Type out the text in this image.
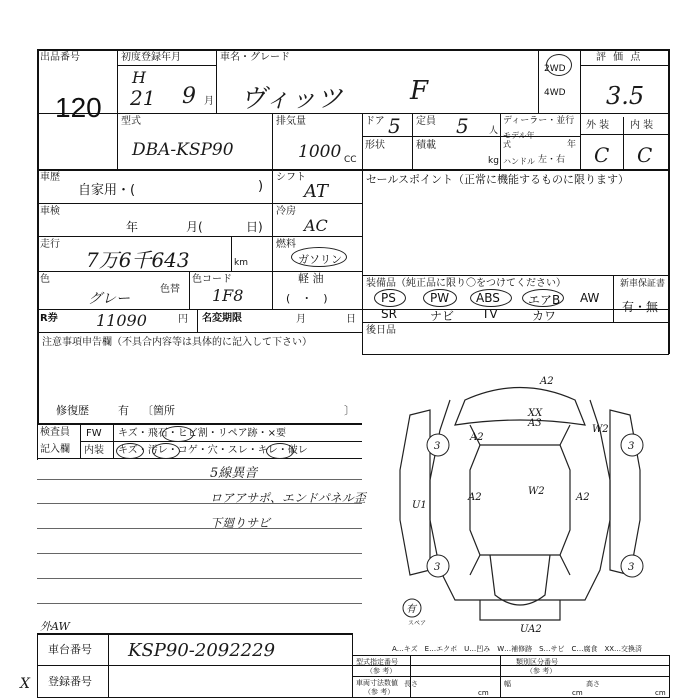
出品番号
120
初度登録年月
H
21 9 月
車名・グレード
ヴィッツ	F
2WD
4WD
評 価 点
3.5
型式
DBA-KSP90
排気量
1000 CC
ドア 5 定員 5 人
形状	積載
kg
ディーラー・並行
モデル年式	年
ハンドル 左・右
外 装 内 装
C C
車歴
自家用・(	)
シフト
AT
車検
年	月(	日)
冷房
AC
走行
7万6千643	km
燃料
ガソリン
軽 油
(　・　)
色
グレー
色替
色コード
1F8
セールスポイント（正常に機能するものに限ります）
装備品（純正品に限り〇をつけてください）	新車保証書
有・無
PS	PW ABS エアB AW
SR	ナビ TV	カワ
R券 11090	円 名変期限	月	日
後日品
注意事項申告欄（不具合内容等は具体的に記入して下さい）
修復歴	有 〔箇所	〕
検査員
記入欄
FW キズ・飛石・ヒビ割・リペア跡・×要
内装 キズ・汚レ・コゲ・穴・スレ・キレ・破レ
5線異音
ロアアサポ、エンドパネル歪
下廻りサビ
A2
XX
A3
W2
A2
3	3
A2
W2
A2
U1
3	3
UA2
有
スペア
外AW
X
車台番号 KSP90-2092229
登録番号
A…キズ　E…エクボ　U…凹み　W…補修跡　S…サビ　C…腐食　XX…交換済
型式指定番号
（参 考）
類別区分番号
（参 考）
車両寸法数値
（参 考）
長さ
cm
幅
cm
高さ
cm
